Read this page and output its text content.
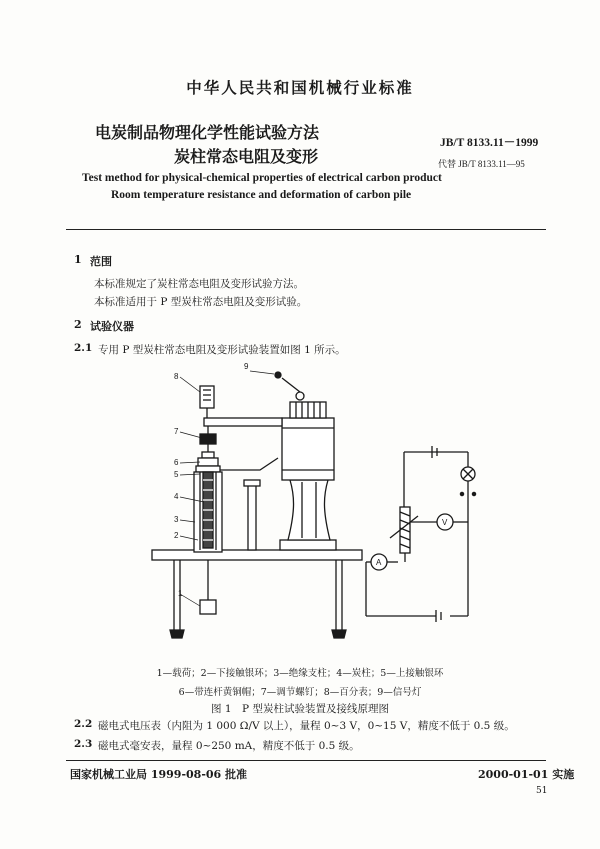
中华人民共和国机械行业标准
电炭制品物理化学性能试验方法
炭柱常态电阻及变形
JB/T 8133.11－1999
代替 JB/T 8133.11—95
Test method for physical-chemical properties of electrical carbon product
Room temperature resistance and deformation of carbon pile
1 范围
本标准规定了炭柱常态电阻及变形试验方法。
本标准适用于 P 型炭柱常态电阻及变形试验。
2 试验仪器
2.1 专用 P 型炭柱常态电阻及变形试验装置如图 1 所示。
V
A
1
2
3
4
5
6
7
8
9
1—载荷；2—下接触银环；3—绝缘支柱；4—炭柱；5—上接触银环
6—带连杆黄铜帽；7—调节螺钉；8—百分表；9—信号灯
图 1　P 型炭柱试验装置及接线原理图
2.2 磁电式电压表（内阻为 1 000 Ω/V 以上），量程 0~3 V，0~15 V，精度不低于 0.5 级。
2.3 磁电式毫安表，量程 0~250 mA，精度不低于 0.5 级。
国家机械工业局 1999-08-06 批准	2000-01-01 实施
51
